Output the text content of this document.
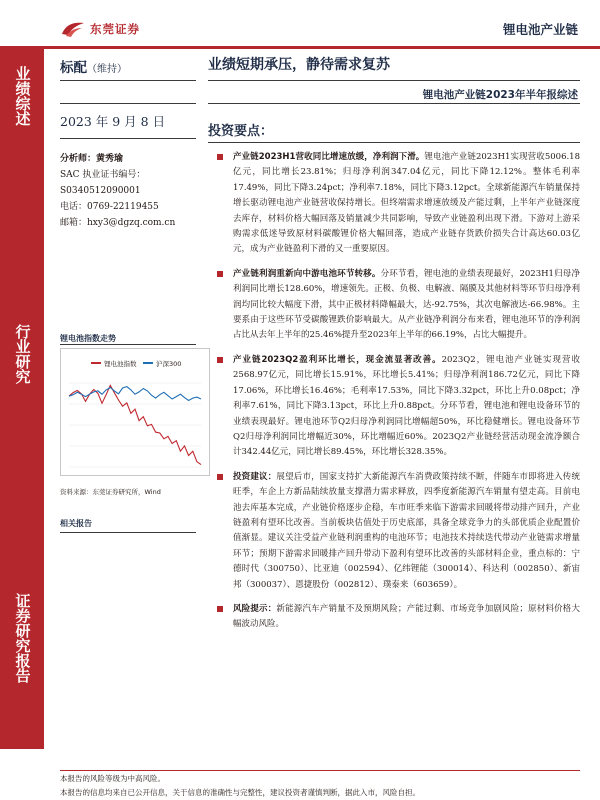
东莞证券	锂电池产业链
业绩综述
行业研究
证券研究报告
标配（维持）	业绩短期承压，静待需求复苏
锂电池产业链2023年半年报综述
2023 年 9 月 8 日
分析师：黄秀瑜
SAC 执业证书编号：
S0340512090001
电话：0769-22119455
邮箱：hxy3@dgzq.com.cn
锂电池指数走势
锂电池指数	沪深300
资料来源：东莞证券研究所，Wind
相关报告
投资要点：
产业链2023H1营收同比增速放缓，净利润下滑。锂电池产业链2023H1实现营收5006.18亿元，同比增长23.81%；归母净利润347.04亿元，同比下降12.12%。整体毛利率17.49%，同比下降3.24pct；净利率7.18%，同比下降3.12pct。全球新能源汽车销量保持增长驱动锂电池产业链营收保持增长。但终端需求增速放缓及产能过剩，上半年产业链深度去库存，材料价格大幅回落及销量减少共同影响，导致产业链盈利出现下滑。下游对上游采购需求低迷导致原材料碳酸锂价格大幅回落，造成产业链存货跌价损失合计高达60.03亿元，成为产业链盈利下滑的又一重要原因。
产业链利润重新向中游电池环节转移。分环节看，锂电池的业绩表现最好，2023H1归母净利润同比增长128.60%，增速领先。正极、负极、电解液、隔膜及其他材料等环节归母净利润均同比较大幅度下滑，其中正极材料降幅最大，达-92.75%，其次电解液达-66.98%。主要系由于这些环节受碳酸锂跌价影响最大。从产业链净利润分布来看，锂电池环节的净利润占比从去年上半年的25.46%提升至2023年上半年的66.19%，占比大幅提升。
产业链2023Q2盈利环比增长，现金流显著改善。2023Q2，锂电池产业链实现营收2568.97亿元，同比增长15.91%，环比增长5.41%；归母净利润186.72亿元，同比下降17.06%，环比增长16.46%；毛利率17.53%，同比下降3.32pct，环比上升0.08pct；净利率7.61%，同比下降3.13pct，环比上升0.88pct。分环节看，锂电池和锂电设备环节的业绩表现最好。锂电池环节Q2归母净利润同比增幅超50%，环比稳健增长。锂电设备环节Q2归母净利润同比增幅近30%，环比增幅近60%。2023Q2产业链经营活动现金流净额合计342.44亿元，同比增长89.45%，环比增长328.35%。
投资建议：展望后市，国家支持扩大新能源汽车消费政策持续不断，伴随车市即将进入传统旺季，车企上方新品陆续放量支撑潜力需求释放，四季度新能源汽车销量有望走高。目前电池去库基本完成，产业链价格逐步企稳，车市旺季来临下游需求回暖将带动排产回升，产业链盈利有望环比改善。当前板块估值处于历史底部，具备全球竞争力的头部优质企业配置价值渐显。建议关注受益产业链利润重构的电池环节；电池技术持续迭代带动产业链需求增量环节；预期下游需求回暖排产回升带动下盈利有望环比改善的头部材料企业，重点标的：宁德时代（300750）、比亚迪（002594）、亿纬锂能（300014）、科达利（002850）、新宙邦（300037）、恩捷股份（002812）、璞泰来（603659）。
风险提示：新能源汽车产销量不及预期风险；产能过剩、市场竞争加剧风险；原材料价格大幅波动风险。
本报告的风险等级为中高风险。
本报告的信息均来自已公开信息，关于信息的准确性与完整性，建议投资者谨慎判断，据此入市，风险自担。
